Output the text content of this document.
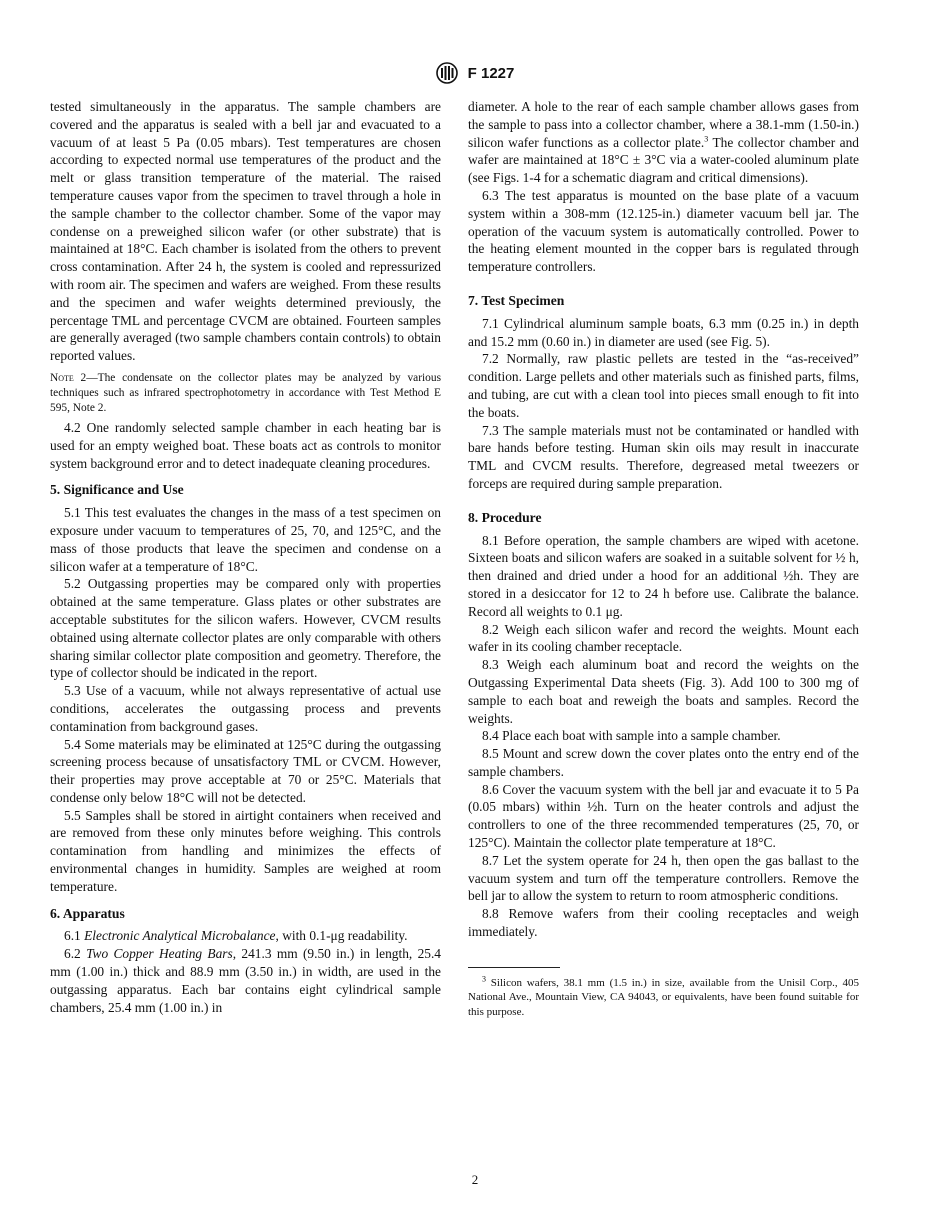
F 1227

tested simultaneously in the apparatus. The sample chambers are covered and the apparatus is sealed with a bell jar and evacuated to a vacuum of at least 5 Pa (0.05 mbars). Test temperatures are chosen according to expected normal use temperatures of the product and the melt or glass transition temperature of the material. The raised temperature causes vapor from the specimen to travel through a hole in the sample chamber to the collector chamber. Some of the vapor may condense on a preweighed silicon wafer (or other substrate) that is maintained at 18°C. Each chamber is isolated from the others to prevent cross contamination. After 24 h, the system is cooled and repressurized with room air. The specimen and wafers are weighed. From these results and the specimen and wafer weights determined previously, the percentage TML and percentage CVCM are obtained. Fourteen samples are generally averaged (two sample chambers contain controls) to obtain reported values.

Note 2—The condensate on the collector plates may be analyzed by various techniques such as infrared spectrophotometry in accordance with Test Method E 595, Note 2.

4.2 One randomly selected sample chamber in each heating bar is used for an empty weighed boat. These boats act as controls to monitor system background error and to detect inadequate cleaning procedures.

5. Significance and Use

5.1 This test evaluates the changes in the mass of a test specimen on exposure under vacuum to temperatures of 25, 70, and 125°C, and the mass of those products that leave the specimen and condense on a silicon wafer at a temperature of 18°C.

5.2 Outgassing properties may be compared only with properties obtained at the same temperature. Glass plates or other substrates are acceptable substitutes for the silicon wafers. However, CVCM results obtained using alternate collector plates are only comparable with others sharing similar collector plate composition and geometry. Therefore, the type of collector should be indicated in the report.

5.3 Use of a vacuum, while not always representative of actual use conditions, accelerates the outgassing process and prevents contamination from background gases.

5.4 Some materials may be eliminated at 125°C during the outgassing screening process because of unsatisfactory TML or CVCM. However, their properties may prove acceptable at 70 or 25°C. Materials that condense only below 18°C will not be detected.

5.5 Samples shall be stored in airtight containers when received and are removed from these only minutes before weighing. This controls contamination from handling and minimizes the effects of environmental changes in humidity. Samples are weighed at room temperature.

6. Apparatus

6.1 Electronic Analytical Microbalance, with 0.1-μg readability.

6.2 Two Copper Heating Bars, 241.3 mm (9.50 in.) in length, 25.4 mm (1.00 in.) thick and 88.9 mm (3.50 in.) in width, are used in the outgassing apparatus. Each bar contains eight cylindrical sample chambers, 25.4 mm (1.00 in.) in

diameter. A hole to the rear of each sample chamber allows gases from the sample to pass into a collector chamber, where a 38.1-mm (1.50-in.) silicon wafer functions as a collector plate.$^3$ The collector chamber and wafer are maintained at 18°C ± 3°C via a water-cooled aluminum plate (see Figs. 1-4 for a schematic diagram and critical dimensions).

6.3 The test apparatus is mounted on the base plate of a vacuum system within a 308-mm (12.125-in.) diameter vacuum bell jar. The operation of the vacuum system is automatically controlled. Power to the heating element mounted in the copper bars is regulated through temperature controllers.

7. Test Specimen

7.1 Cylindrical aluminum sample boats, 6.3 mm (0.25 in.) in depth and 15.2 mm (0.60 in.) in diameter are used (see Fig. 5).

7.2 Normally, raw plastic pellets are tested in the “as-received” condition. Large pellets and other materials such as finished parts, films, and tubing, are cut with a clean tool into pieces small enough to fit into the boats.

7.3 The sample materials must not be contaminated or handled with bare hands before testing. Human skin oils may result in inaccurate TML and CVCM results. Therefore, degreased metal tweezers or forceps are required during sample preparation.

8. Procedure

8.1 Before operation, the sample chambers are wiped with acetone. Sixteen boats and silicon wafers are soaked in a suitable solvent for ½ h, then drained and dried under a hood for an additional ½h. They are stored in a desiccator for 12 to 24 h before use. Calibrate the balance. Record all weights to 0.1 μg.

8.2 Weigh each silicon wafer and record the weights. Mount each wafer in its cooling chamber receptacle.

8.3 Weigh each aluminum boat and record the weights on the Outgassing Experimental Data sheets (Fig. 3). Add 100 to 300 mg of sample to each boat and reweigh the boats and samples. Record the weights.

8.4 Place each boat with sample into a sample chamber.

8.5 Mount and screw down the cover plates onto the entry end of the sample chambers.

8.6 Cover the vacuum system with the bell jar and evacuate it to 5 Pa (0.05 mbars) within ½h. Turn on the heater controls and adjust the controllers to one of the three recommended temperatures (25, 70, or 125°C). Maintain the collector plate temperature at 18°C.

8.7 Let the system operate for 24 h, then open the gas ballast to the vacuum system and turn off the temperature controllers. Remove the bell jar to allow the system to return to room atmospheric conditions.

8.8 Remove wafers from their cooling receptacles and weigh immediately.

$^3$ Silicon wafers, 38.1 mm (1.5 in.) in size, available from the Unisil Corp., 405 National Ave., Mountain View, CA 94043, or equivalents, have been found suitable for this purpose.
2
